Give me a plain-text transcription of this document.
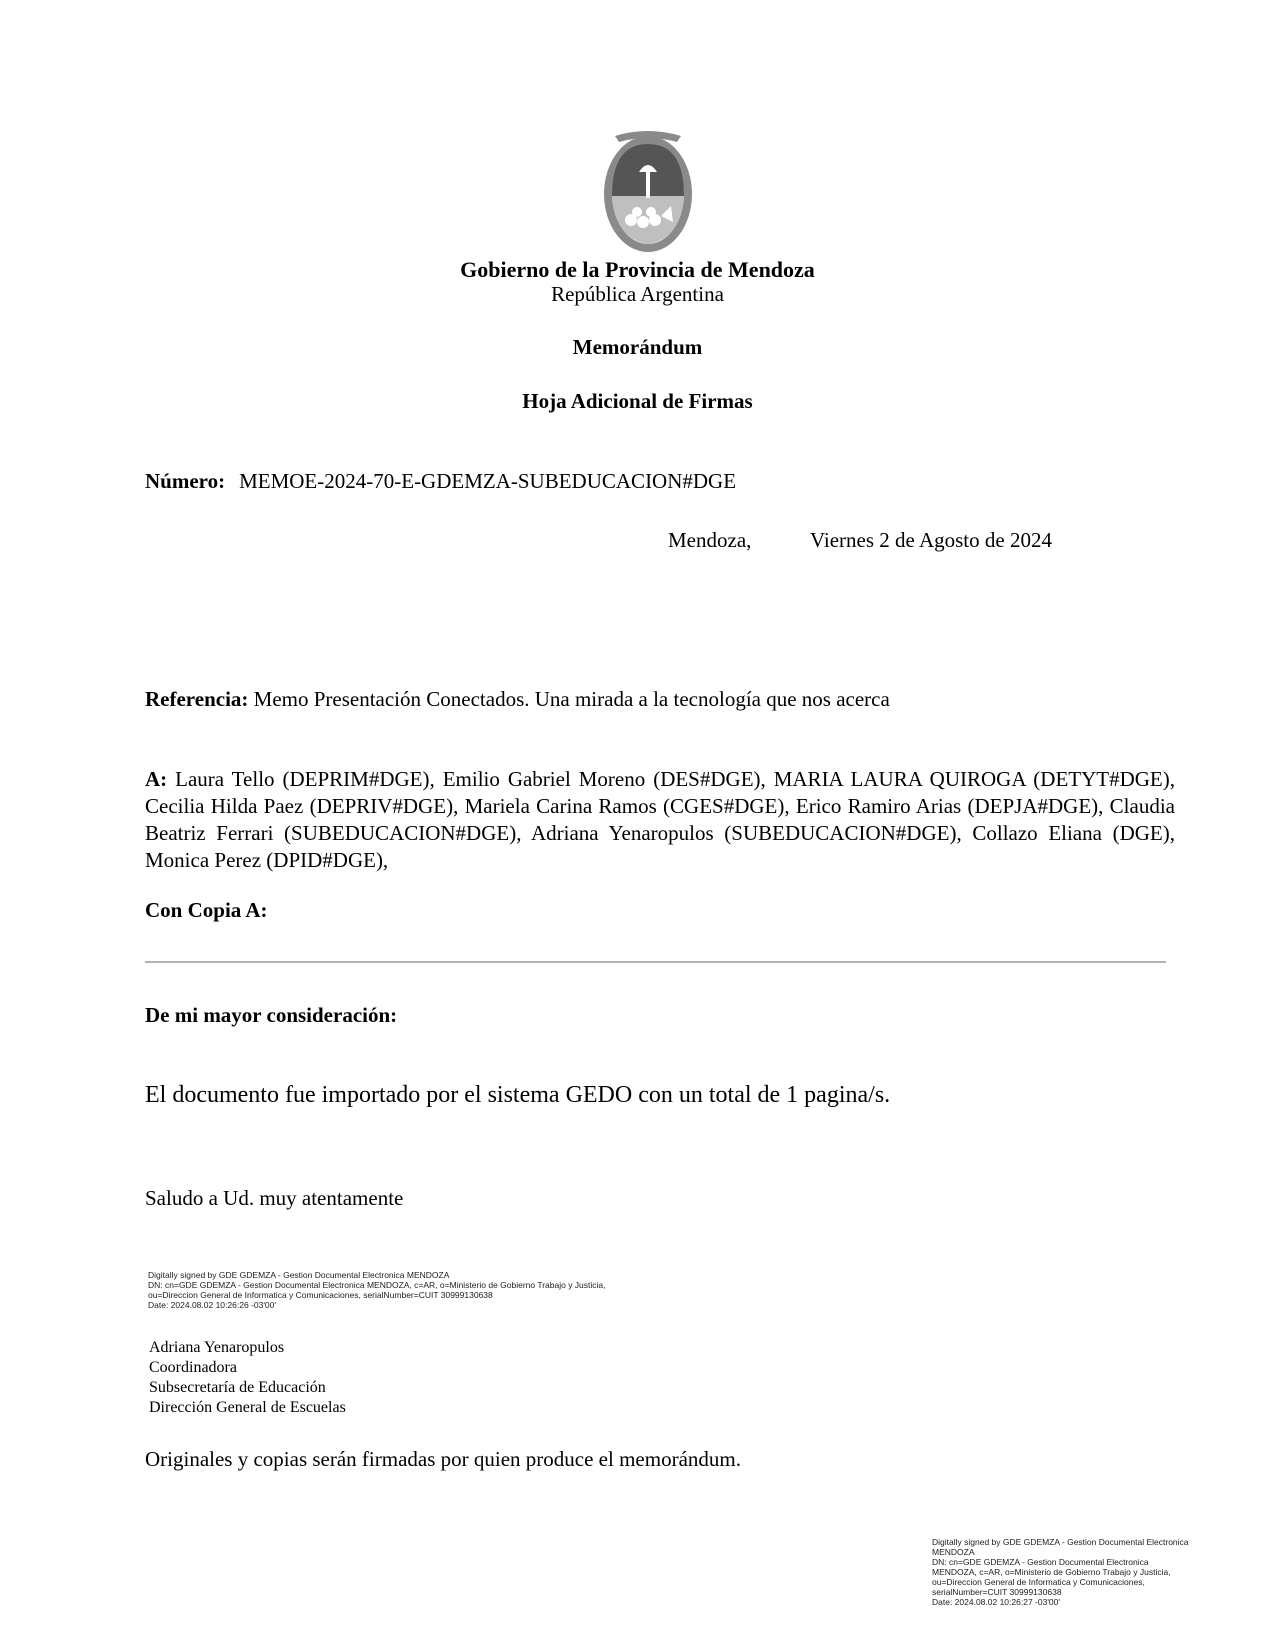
Gobierno de la Provincia de Mendoza
República Argentina
Memorándum
Hoja Adicional de Firmas
Número: MEMOE-2024-70-E-GDEMZA-SUBEDUCACION#DGE
Mendoza,	Viernes 2 de Agosto de 2024
Referencia: Memo Presentación Conectados. Una mirada a la tecnología que nos acerca
A: Laura Tello (DEPRIM#DGE), Emilio Gabriel Moreno (DES#DGE), MARIA LAURA QUIROGA (DETYT#DGE), Cecilia Hilda Paez (DEPRIV#DGE), Mariela Carina Ramos (CGES#DGE), Erico Ramiro Arias (DEPJA#DGE), Claudia Beatriz Ferrari (SUBEDUCACION#DGE), Adriana Yenaropulos (SUBEDUCACION#DGE), Collazo Eliana (DGE), Monica Perez (DPID#DGE),
Con Copia A:
De mi mayor consideración:
El documento fue importado por el sistema GEDO con un total de 1 pagina/s.
Saludo a Ud. muy atentamente
Digitally signed by GDE GDEMZA - Gestion Documental Electronica MENDOZA
DN: cn=GDE GDEMZA - Gestion Documental Electronica MENDOZA, c=AR, o=Ministerio de Gobierno Trabajo y Justicia,
ou=Direccion General de Informatica y Comunicaciones, serialNumber=CUIT 30999130638
Date: 2024.08.02 10:26:26 -03'00'
Adriana Yenaropulos
Coordinadora
Subsecretaría de Educación
Dirección General de Escuelas
Originales y copias serán firmadas por quien produce el memorándum.
Digitally signed by GDE GDEMZA - Gestion Documental Electronica
MENDOZA
DN: cn=GDE GDEMZA - Gestion Documental Electronica
MENDOZA, c=AR, o=Ministerio de Gobierno Trabajo y Justicia,
ou=Direccion General de Informatica y Comunicaciones,
serialNumber=CUIT 30999130638
Date: 2024.08.02 10:26:27 -03'00'
